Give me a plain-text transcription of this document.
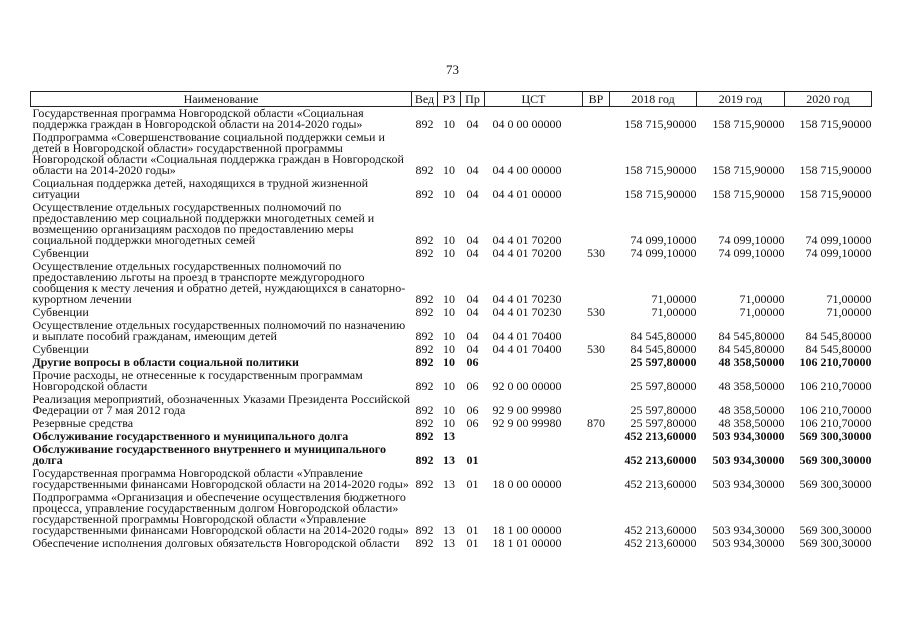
73
Наименование	Вед	РЗ	Пр	ЦСТ	ВР	2018 год	2019 год	2020 год
Государственная программа Новгородской области «Социальная поддержка граждан в Новгородской области на 2014-2020 годы»	892	10	04	04 0 00 00000		158 715,90000	158 715,90000	158 715,90000
Подпрограмма «Совершенствование социальной поддержки семьи и детей в Новгородской области» государственной программы Новгородской области «Социальная поддержка граждан в Новгородской области на 2014-2020 годы»	892	10	04	04 4 00 00000		158 715,90000	158 715,90000	158 715,90000
Социальная поддержка детей, находящихся в трудной жизненной ситуации	892	10	04	04 4 01 00000		158 715,90000	158 715,90000	158 715,90000
Осуществление отдельных государственных полномочий по предоставлению мер социальной поддержки многодетных семей и возмещению организациям расходов по предоставлению меры социальной поддержки многодетных семей	892	10	04	04 4 01 70200		74 099,10000	74 099,10000	74 099,10000
Субвенции	892	10	04	04 4 01 70200	530	74 099,10000	74 099,10000	74 099,10000
Осуществление отдельных государственных полномочий по предоставлению льготы на проезд в транспорте междугородного сообщения к месту лечения и обратно детей, нуждающихся в санаторно-курортном лечении	892	10	04	04 4 01 70230		71,00000	71,00000	71,00000
Субвенции	892	10	04	04 4 01 70230	530	71,00000	71,00000	71,00000
Осуществление отдельных государственных полномочий по назначению и выплате пособий гражданам, имеющим детей	892	10	04	04 4 01 70400		84 545,80000	84 545,80000	84 545,80000
Субвенции	892	10	04	04 4 01 70400	530	84 545,80000	84 545,80000	84 545,80000
Другие вопросы в области социальной политики	892	10	06			25 597,80000	48 358,50000	106 210,70000
Прочие расходы, не отнесенные к государственным программам Новгородской области	892	10	06	92 0 00 00000		25 597,80000	48 358,50000	106 210,70000
Реализация мероприятий, обозначенных Указами Президента Российской Федерации от 7 мая 2012 года	892	10	06	92 9 00 99980		25 597,80000	48 358,50000	106 210,70000
Резервные средства	892	10	06	92 9 00 99980	870	25 597,80000	48 358,50000	106 210,70000
Обслуживание государственного и муниципального долга	892	13				452 213,60000	503 934,30000	569 300,30000
Обслуживание государственного внутреннего и муниципального долга	892	13	01			452 213,60000	503 934,30000	569 300,30000
Государственная программа Новгородской области «Управление государственными финансами Новгородской области на 2014-2020 годы»	892	13	01	18 0 00 00000		452 213,60000	503 934,30000	569 300,30000
Подпрограмма «Организация и обеспечение осуществления бюджетного процесса, управление государственным долгом Новгородской области» государственной программы Новгородской области «Управление государственными финансами Новгородской области на 2014-2020 годы»	892	13	01	18 1 00 00000		452 213,60000	503 934,30000	569 300,30000
Обеспечение исполнения долговых обязательств Новгородской области	892	13	01	18 1 01 00000		452 213,60000	503 934,30000	569 300,30000
